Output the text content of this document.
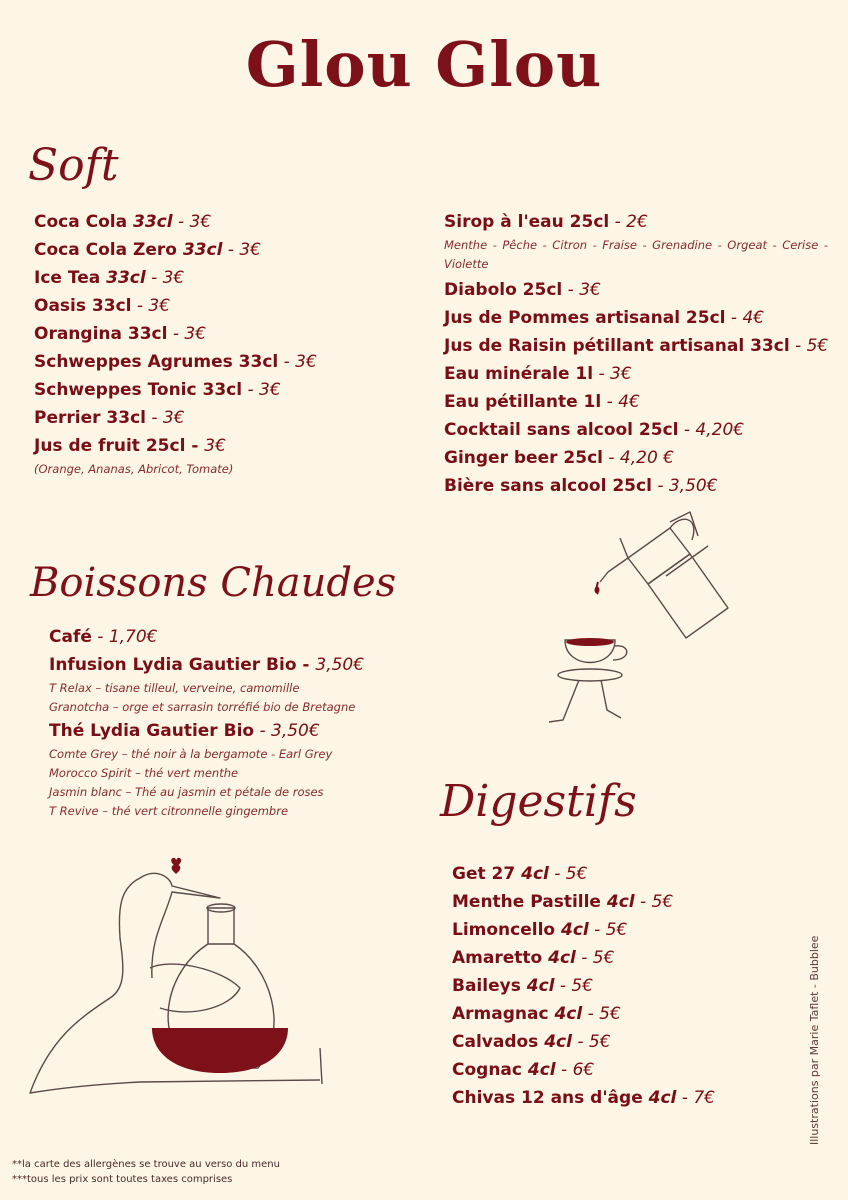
Glou Glou
Soft
Coca Cola 33cl - 3€
Coca Cola Zero 33cl - 3€
Ice Tea 33cl - 3€
Oasis 33cl - 3€
Orangina 33cl - 3€
Schweppes Agrumes 33cl - 3€
Schweppes Tonic 33cl - 3€
Perrier 33cl - 3€
Jus de fruit 25cl - 3€
(Orange, Ananas, Abricot, Tomate)
Sirop à l'eau 25cl - 2€
Menthe - Pêche - Citron - Fraise - Grenadine - Orgeat - Cerise - Violette
Diabolo 25cl - 3€
Jus de Pommes artisanal 25cl - 4€
Jus de Raisin pétillant artisanal 33cl - 5€
Eau minérale 1l - 3€
Eau pétillante 1l - 4€
Cocktail sans alcool 25cl - 4,20€
Ginger beer 25cl - 4,20 €
Bière sans alcool 25cl - 3,50€
Boissons Chaudes
Café - 1,70€
Infusion Lydia Gautier Bio - 3,50€
T Relax – tisane tilleul, verveine, camomille
Granotcha – orge et sarrasin torréfié bio de Bretagne
Thé Lydia Gautier Bio - 3,50€
Comte Grey – thé noir à la bergamote - Earl Grey
Morocco Spirit – thé vert menthe
Jasmin blanc – Thé au jasmin et pétale de roses
T Revive – thé vert citronnelle gingembre	Digestifs
Get 27 4cl - 5€
Menthe Pastille 4cl - 5€
Limoncello 4cl - 5€
Amaretto 4cl - 5€
Baileys 4cl - 5€
Armagnac 4cl - 5€
Calvados 4cl - 5€
Cognac 4cl - 6€
Chivas 12 ans d'âge 4cl - 7€
♥
**la carte des allergènes se trouve au verso du menu
***tous les prix sont toutes taxes comprises
Illustrations par Marie Taflet - Bubblee
